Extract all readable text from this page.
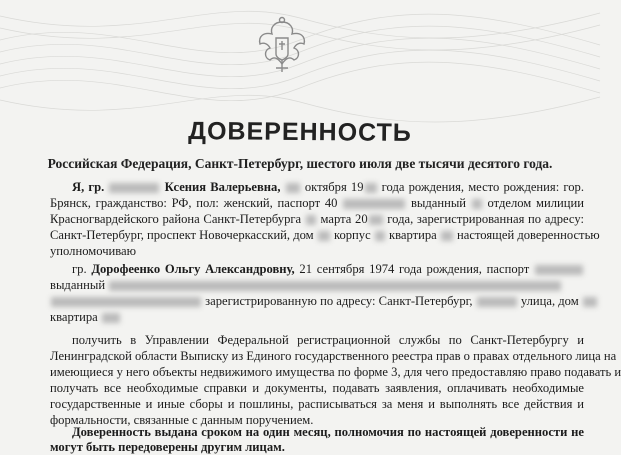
ДОВЕРЕННОСТЬ
Российская Федерация, Санкт-Петербург, шестого июля две тысячи десятого года.
Я, гр.	Ксения Валерьевна, октября 19 года рождения, место рождения: гор.
Брянск, гражданство: РФ, пол: женский, паспорт 40	выданный отделом милиции
Красногвардейского района Санкт-Петербурга марта 20 года, зарегистрированная по адресу:
Санкт-Петербург, проспект Новочеркасский, дом корпус квартира настоящей доверенностью
уполномочиваю
гр. Дорофеенко Ольгу Александровну, 21 сентября 1974 года рождения, паспорт
выданный
зарегистрированную по адресу: Санкт-Петербург,	улица, дом
квартира
получить в Управлении Федеральной регистрационной службы по Санкт-Петербургу и
Ленинградской области Выписку из Единого государственного реестра прав о правах отдельного лица на
имеющиеся у него объекты недвижимого имущества по форме 3, для чего предоставляю право подавать и
получать все необходимые справки и документы, подавать заявления, оплачивать необходимые
государственные и иные сборы и пошлины, расписываться за меня и выполнять все действия и
формальности, связанные с данным поручением.
Доверенность выдана сроком на один месяц, полномочия по настоящей доверенности не
могут быть передоверены другим лицам.
